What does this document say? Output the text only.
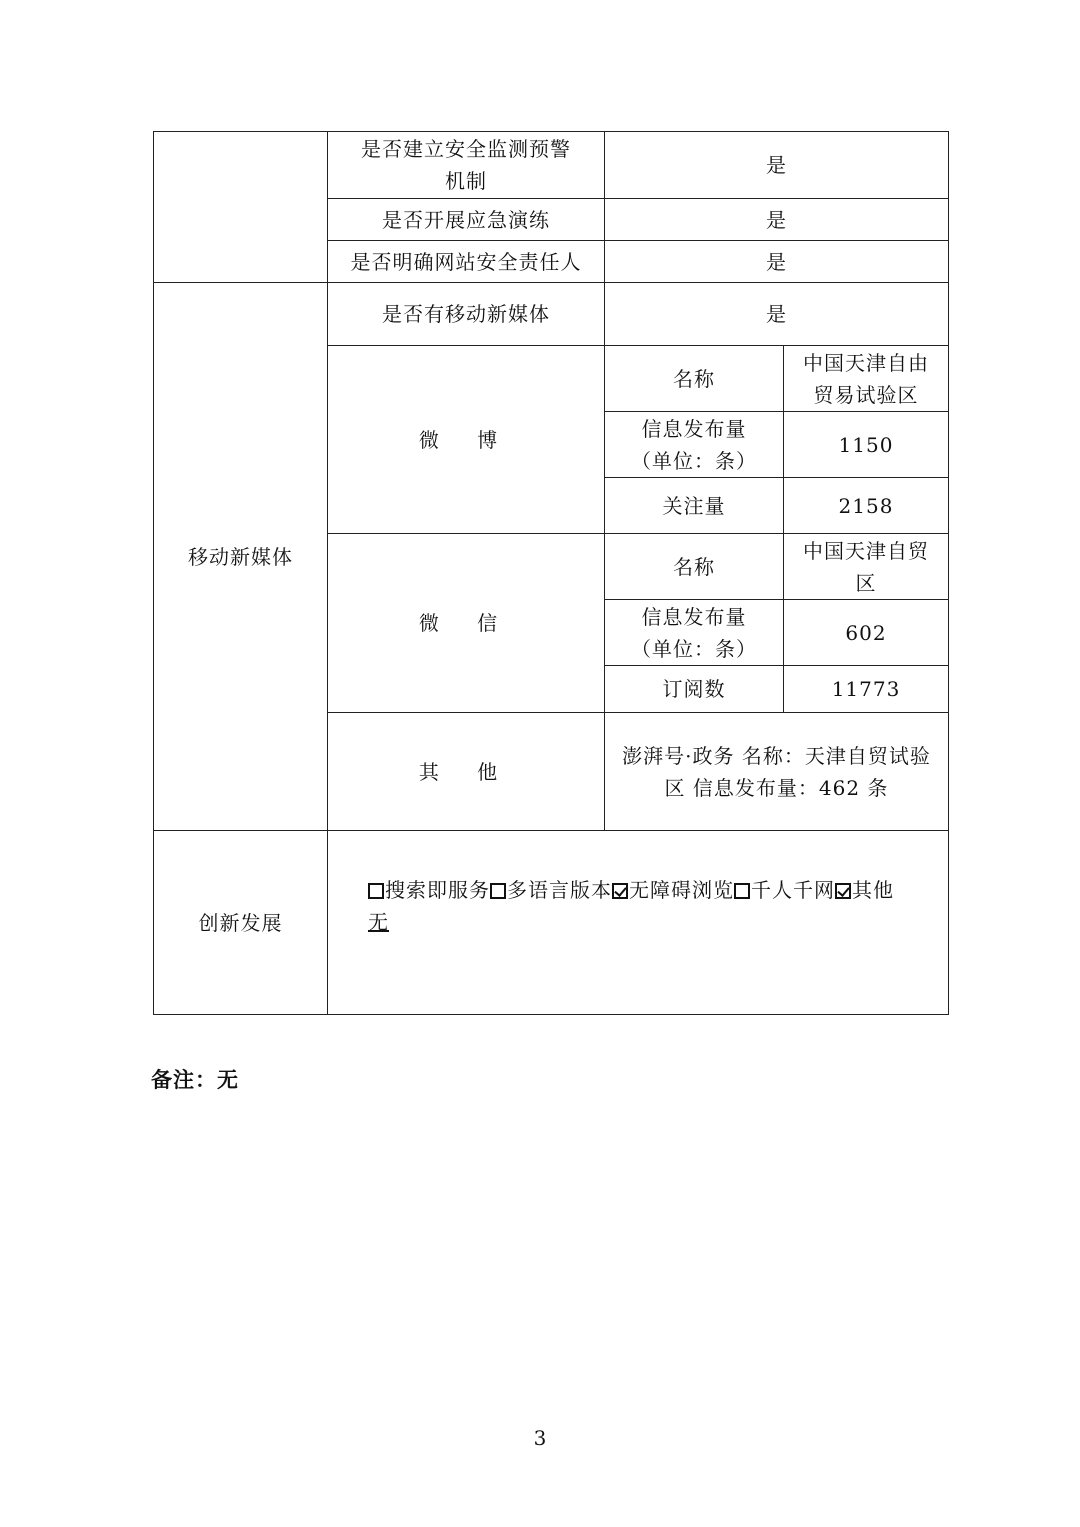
	是否建立安全监测预警机制	是	
	是否开展应急演练	是	
	是否明确网站安全责任人	是	
移动新媒体	是否有移动新媒体	是	
	微 博	名称	中国天津自由贸易试验区
		信息发布量（单位：条）	1150
		关注量	2158
	微 信	名称	中国天津自贸区
		信息发布量（单位：条）	602
		订阅数	11773
	其 他	澎湃号·政务 名称：天津自贸试验区 信息发布量：462 条	
创新发展	搜索即服务 多语言版本 无障碍浏览 千人千网 其他
无		
备注：无
3
